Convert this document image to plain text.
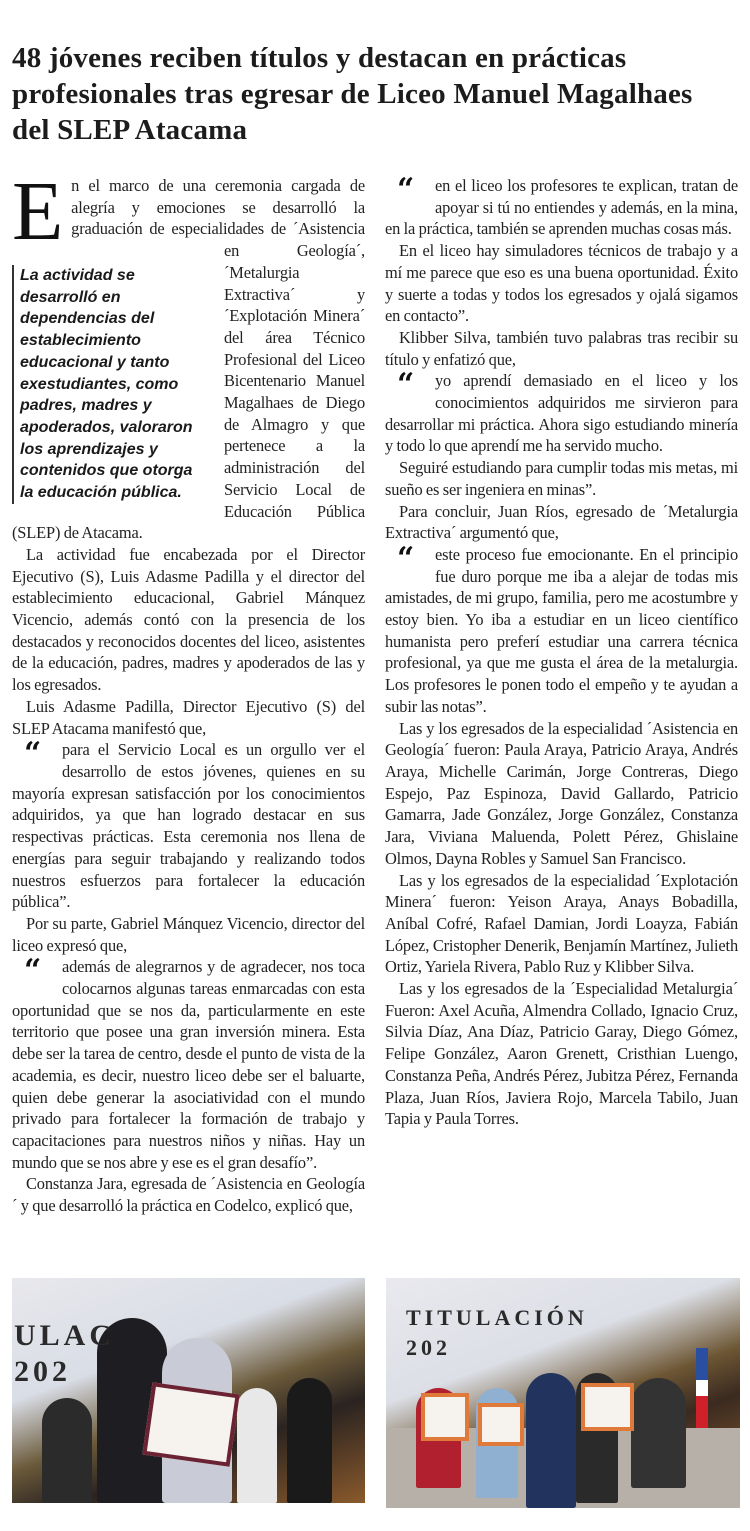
48 jóvenes reciben títulos y destacan en prácticas
profesionales tras egresar de Liceo Manuel Magalhaes
del SLEP Atacama

E
La actividad se desarrolló en dependencias del establecimiento educacional y tanto exestudiantes, como padres, madres y apoderados, valoraron los aprendizajes y contenidos que otorga la educación pública.
n el marco de una ceremonia cargada de alegría y emociones se desarrolló la graduación de especialidades de ´Asistencia en Geología´, ´Metalurgia Extractiva´ y ´Explotación Minera´ del área Técnico Profesional del Liceo Bicentenario Manuel Magalhaes de Diego de Almagro y que pertenece a la administración del Servicio Local de Educación Pública (SLEP) de Atacama.

La actividad fue encabezada por el Director Ejecutivo (S), Luis Adasme Padilla y el director del establecimiento educacional, Gabriel Mánquez Vicencio, además contó con la presencia de los destacados y reconocidos docentes del liceo, asistentes de la educación, padres, madres y apoderados de las y los egresados.

Luis Adasme Padilla, Director Ejecutivo (S) del SLEP Atacama manifestó que,

“	para el Servicio Local es un orgullo ver el desarrollo de estos jóvenes, quienes en su mayoría expresan satisfacción por los conocimientos adquiridos, ya que han logrado destacar en sus respectivas prácticas. Esta ceremonia nos llena de energías para seguir trabajando y realizando todos nuestros esfuerzos para fortalecer la educación pública”.

Por su parte, Gabriel Mánquez Vicencio, director del liceo expresó que,

“	además de alegrarnos y de agradecer, nos toca colocarnos algunas tareas enmarcadas con esta oportunidad que se nos da, particularmente en este territorio que posee una gran inversión minera. Esta debe ser la tarea de centro, desde el punto de vista de la academia, es decir, nuestro liceo debe ser el baluarte, quien debe generar la asociatividad con el mundo privado para fortalecer la formación de trabajo y capacitaciones para nuestros niños y niñas. Hay un mundo que se nos abre y ese es el gran desafío”.

Constanza Jara, egresada de ´Asistencia en Geología´ y que desarrolló la práctica en Codelco, explicó que,

“	en el liceo los profesores te explican, tratan de apoyar si tú no entiendes y además, en la mina, en la práctica, también se aprenden muchas cosas más.

En el liceo hay simuladores técnicos de trabajo y a mí me parece que eso es una buena oportunidad. Éxito y suerte a todas y todos los egresados y ojalá sigamos en contacto”.

Klibber Silva, también tuvo palabras tras recibir su título y enfatizó que,

“	yo aprendí demasiado en el liceo y los conocimientos adquiridos me sirvieron para desarrollar mi práctica. Ahora sigo estudiando minería y todo lo que aprendí me ha servido mucho.

Seguiré estudiando para cumplir todas mis metas, mi sueño es ser ingeniera en minas”.

Para concluir, Juan Ríos, egresado de ´Metalurgia Extractiva´ argumentó que,

“	este proceso fue emocionante. En el principio fue duro porque me iba a alejar de todas mis amistades, de mi grupo, familia, pero me acostumbre y estoy bien. Yo iba a estudiar en un liceo científico humanista pero preferí estudiar una carrera técnica profesional, ya que me gusta el área de la metalurgia. Los profesores le ponen todo el empeño y te ayudan a subir las notas”.

Las y los egresados de la especialidad ´Asistencia en Geología´ fueron: Paula Araya, Patricio Araya, Andrés Araya, Michelle Carimán, Jorge Contreras, Diego Espejo, Paz Espinoza, David Gallardo, Patricio Gamarra, Jade González, Jorge González, Constanza Jara, Viviana Maluenda, Polett Pérez, Ghislaine Olmos, Dayna Robles y Samuel San Francisco.

Las y los egresados de la especialidad ´Explotación Minera´ fueron: Yeison Araya, Anays Bobadilla, Aníbal Cofré, Rafael Damian, Jordi Loayza, Fabián López, Cristopher Denerik, Benjamín Martínez, Julieth Ortiz, Yariela Rivera, Pablo Ruz y Klibber Silva.

Las y los egresados de la ´Especialidad Metalurgia´ Fueron: Axel Acuña, Almendra Collado, Ignacio Cruz, Silvia Díaz, Ana Díaz, Patricio Garay, Diego Gómez, Felipe González, Aaron Grenett, Cristhian Luengo, Constanza Peña, Andrés Pérez, Jubitza Pérez, Fernanda Plaza, Juan Ríos, Javiera Rojo, Marcela Tabilo, Juan Tapia y Paula Torres.

ULAC
202
TITULACIÓN
202
